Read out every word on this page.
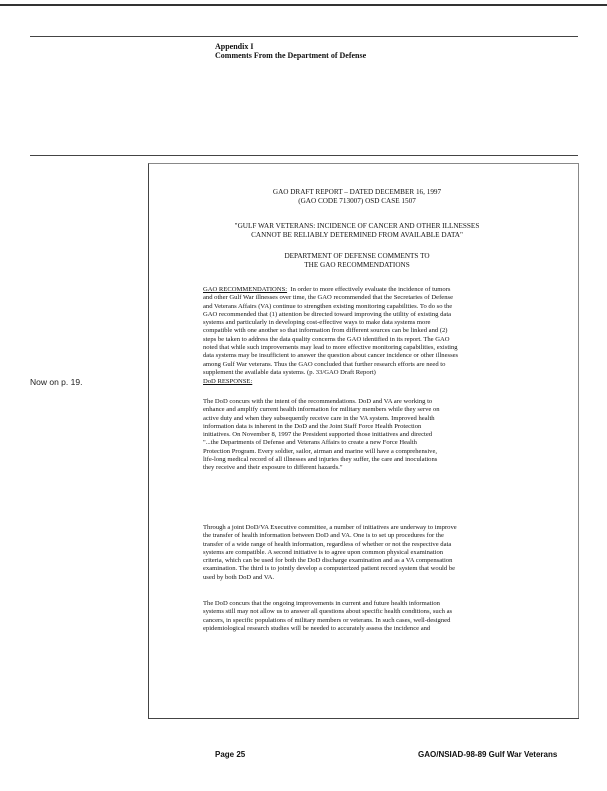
Appendix I
Comments From the Department of Defense
Now on p. 19.
GAO DRAFT REPORT – DATED DECEMBER 16, 1997
(GAO CODE 713007) OSD CASE 1507
"GULF WAR VETERANS: INCIDENCE OF CANCER AND OTHER ILLNESSES
CANNOT BE RELIABLY DETERMINED FROM AVAILABLE DATA"
DEPARTMENT OF DEFENSE COMMENTS TO
THE GAO RECOMMENDATIONS
GAO RECOMMENDATIONS: In order to more effectively evaluate the incidence of tumors
and other Gulf War illnesses over time, the GAO recommended that the Secretaries of Defense
and Veterans Affairs (VA) continue to strengthen existing monitoring capabilities. To do so the
GAO recommended that (1) attention be directed toward improving the utility of existing data
systems and particularly in developing cost-effective ways to make data systems more
compatible with one another so that information from different sources can be linked and (2)
steps be taken to address the data quality concerns the GAO identified in its report. The GAO
noted that while such improvements may lead to more effective monitoring capabilities, existing
data systems may be insufficient to answer the question about cancer incidence or other illnesses
among Gulf War veterans. Thus the GAO concluded that further research efforts are need to
supplement the available data systems. (p. 33/GAO Draft Report)
DoD RESPONSE:
The DoD concurs with the intent of the recommendations. DoD and VA are working to
enhance and amplify current health information for military members while they serve on
active duty and when they subsequently receive care in the VA system. Improved health
information data is inherent in the DoD and the Joint Staff Force Health Protection
initiatives. On November 8, 1997 the President supported those initiatives and directed
"...the Departments of Defense and Veterans Affairs to create a new Force Health
Protection Program. Every soldier, sailor, airman and marine will have a comprehensive,
life-long medical record of all illnesses and injuries they suffer, the care and inoculations
they receive and their exposure to different hazards."
Through a joint DoD/VA Executive committee, a number of initiatives are underway to improve
the transfer of health information between DoD and VA. One is to set up procedures for the
transfer of a wide range of health information, regardless of whether or not the respective data
systems are compatible. A second initiative is to agree upon common physical examination
criteria, which can be used for both the DoD discharge examination and as a VA compensation
examination. The third is to jointly develop a computerized patient record system that would be
used by both DoD and VA.
The DoD concurs that the ongoing improvements in current and future health information
systems still may not allow us to answer all questions about specific health conditions, such as
cancers, in specific populations of military members or veterans. In such cases, well-designed
epidemiological research studies will be needed to accurately assess the incidence and
Page 25	GAO/NSIAD-98-89 Gulf War Veterans
